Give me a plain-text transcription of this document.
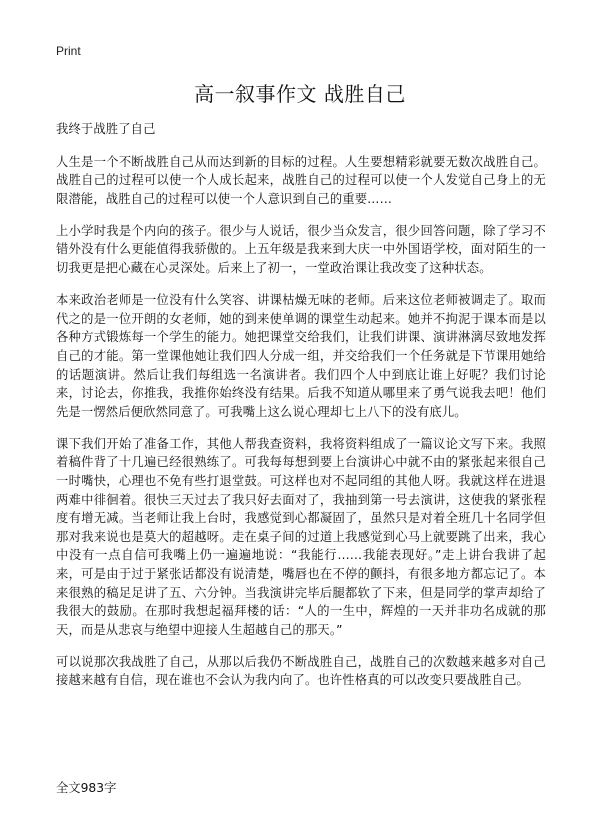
Print
高一叙事作文 战胜自己

我终于战胜了自己

人生是一个不断战胜自己从而达到新的目标的过程。人生要想精彩就要无数次战胜自己。战胜自己的过程可以使一个人成长起来，战胜自己的过程可以使一个人发觉自己身上的无限潜能，战胜自己的过程可以使一个人意识到自己的重要……

上小学时我是个内向的孩子。很少与人说话，很少当众发言，很少回答问题，除了学习不错外没有什么更能值得我骄傲的。上五年级是我来到大庆一中外国语学校，面对陌生的一切我更是把心藏在心灵深处。后来上了初一，一堂政治课让我改变了这种状态。

本来政治老师是一位没有什么笑容、讲课枯燥无味的老师。后来这位老师被调走了。取而代之的是一位开朗的女老师，她的到来使单调的课堂生动起来。她并不拘泥于课本而是以各种方式锻炼每一个学生的能力。她把课堂交给我们，让我们讲课、演讲淋漓尽致地发挥自己的才能。第一堂课他她让我们四人分成一组，并交给我们一个任务就是下节课用她给的话题演讲。然后让我们每组选一名演讲者。我们四个人中到底让谁上好呢？我们讨论来，讨论去，你推我，我推你始终没有结果。后我不知道从哪里来了勇气说我去吧！他们先是一愣然后便欣然同意了。可我嘴上这么说心理却七上八下的没有底儿。

课下我们开始了准备工作，其他人帮我查资料，我将资料组成了一篇议论文写下来。我照着稿件背了十几遍已经很熟练了。可我每每想到要上台演讲心中就不由的紧张起来很自己一时嘴快，心理也不免有些打退堂鼓。可这样也对不起同组的其他人呀。我就这样在进退两难中徘徊着。很快三天过去了我只好去面对了，我抽到第一号去演讲，这使我的紧张程度有增无减。当老师让我上台时，我感觉到心都凝固了，虽然只是对着全班几十名同学但那对我来说也是莫大的超越呀。走在桌子间的过道上我感觉到心马上就要跳了出来，我心中没有一点自信可我嘴上仍一遍遍地说：“我能行……我能表现好。”走上讲台我讲了起来，可是由于过于紧张话都没有说清楚，嘴唇也在不停的颤抖，有很多地方都忘记了。本来很熟的稿足足讲了五、六分钟。当我演讲完毕后腿都软了下来，但是同学的掌声却给了我很大的鼓励。在那时我想起福拜楼的话：“人的一生中，辉煌的一天并非功名成就的那天，而是从悲哀与绝望中迎接人生超越自己的那天。”

可以说那次我战胜了自己，从那以后我仍不断战胜自己，战胜自己的次数越来越多对自己接越来越有自信，现在谁也不会认为我内向了。也许性格真的可以改变只要战胜自己。

全文983字
